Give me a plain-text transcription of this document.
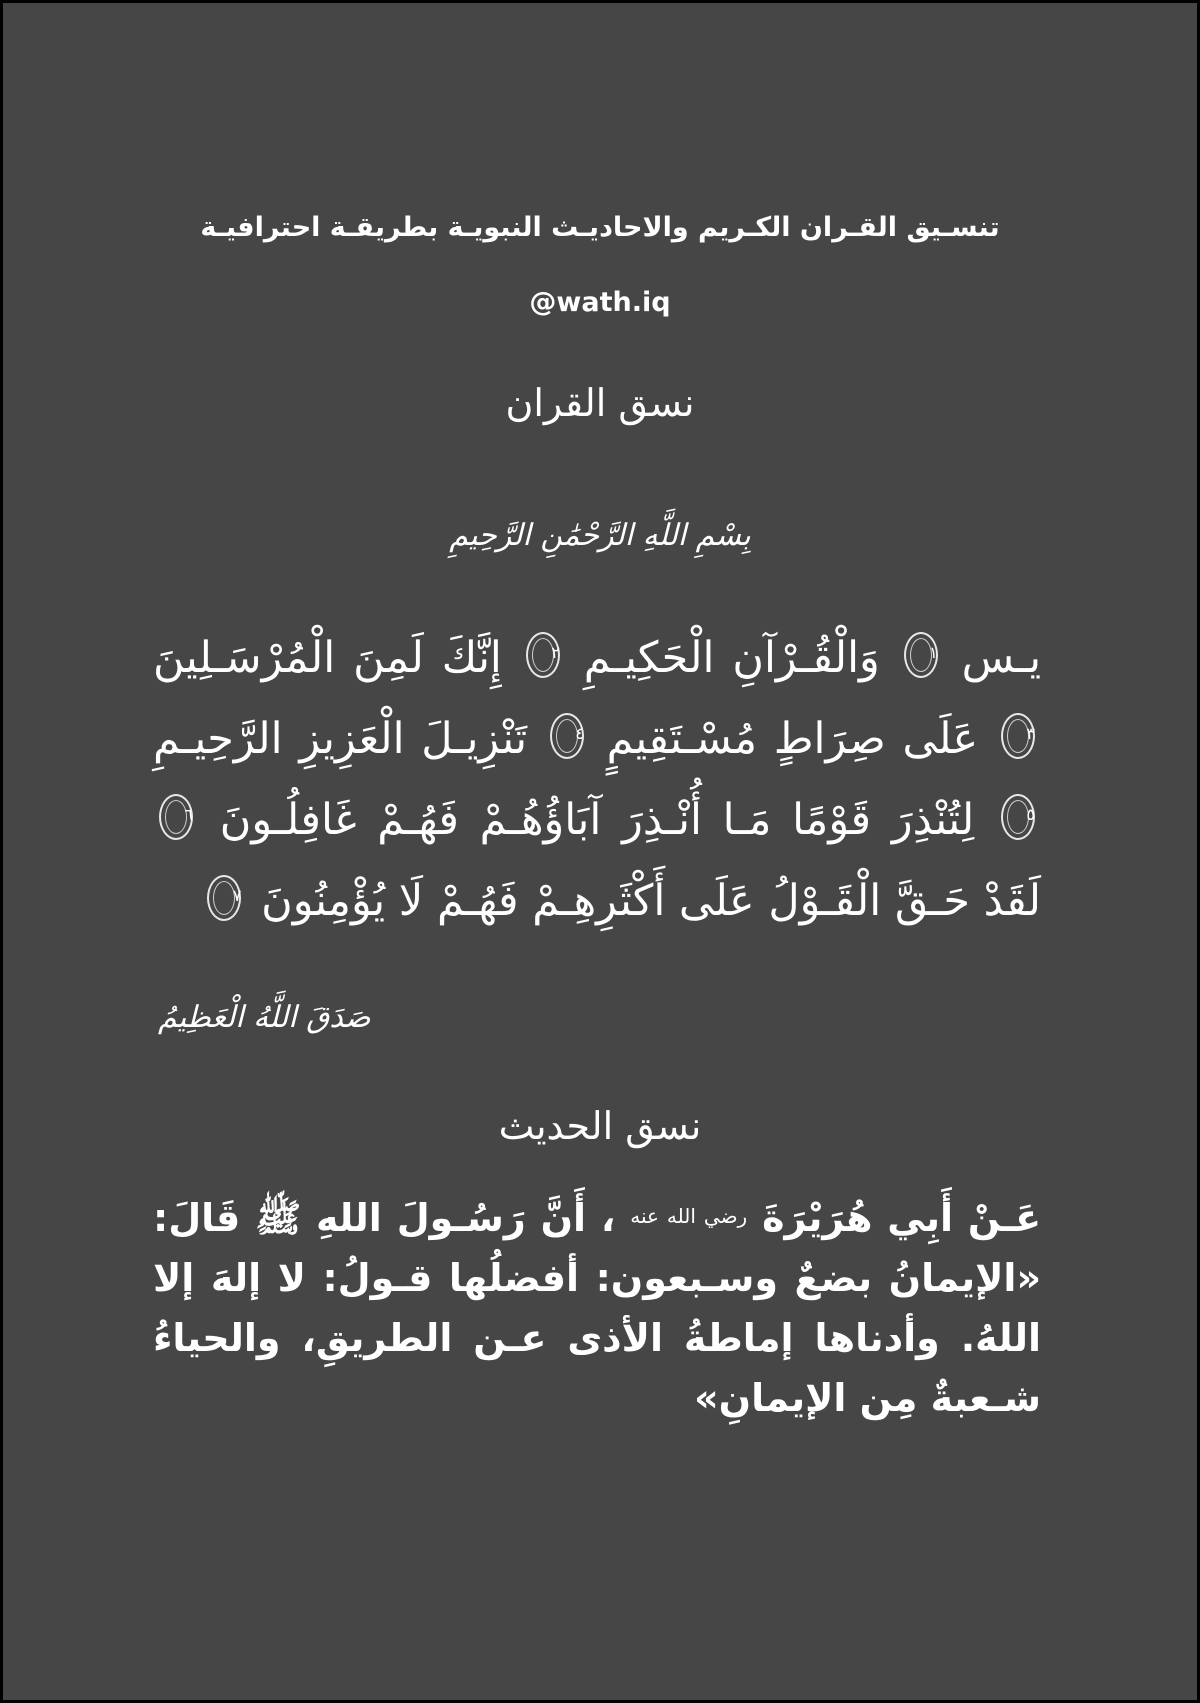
تنسـيق القـران الكـريم والاحاديـث النبويـة بطريقـة احترافيـة
@wath.iq
نسق القران
بِسْمِ اللَّهِ الرَّحْمَٰنِ الرَّحِيمِ
يـس
١
وَالْقُـرْآنِ الْحَكِيـمِ
٢
إِنَّكَ لَمِنَ الْمُرْسَـلِينَ
٣
عَلَى صِرَاطٍ مُسْـتَقِيمٍ
٤
تَنْزِيـلَ الْعَزِيزِ الرَّحِيـمِ
٥
لِتُنْذِرَ قَوْمًا مَـا أُنْـذِرَ آبَاؤُهُـمْ فَهُـمْ غَافِلُـونَ
٦
لَقَدْ حَـقَّ الْقَـوْلُ عَلَى أَكْثَرِهِـمْ فَهُـمْ لَا يُؤْمِنُونَ
٧
صَدَقَ اللَّهُ الْعَظِيمُ
نسق الحديث
عَـنْ أَبِي هُرَيْرَةَ $^{رضي الله عنه}$ ، أَنَّ رَسُـولَ اللهِ ﷺ قَالَ: «الإيمانُ بضعٌ وسـبعون: أفضلُها قـولُ: لا إلهَ إلا اللهُ. وأدناها إماطةُ الأذى عـن الطريقِ، والحياءُ شـعبةٌ مِن الإيمانِ»
